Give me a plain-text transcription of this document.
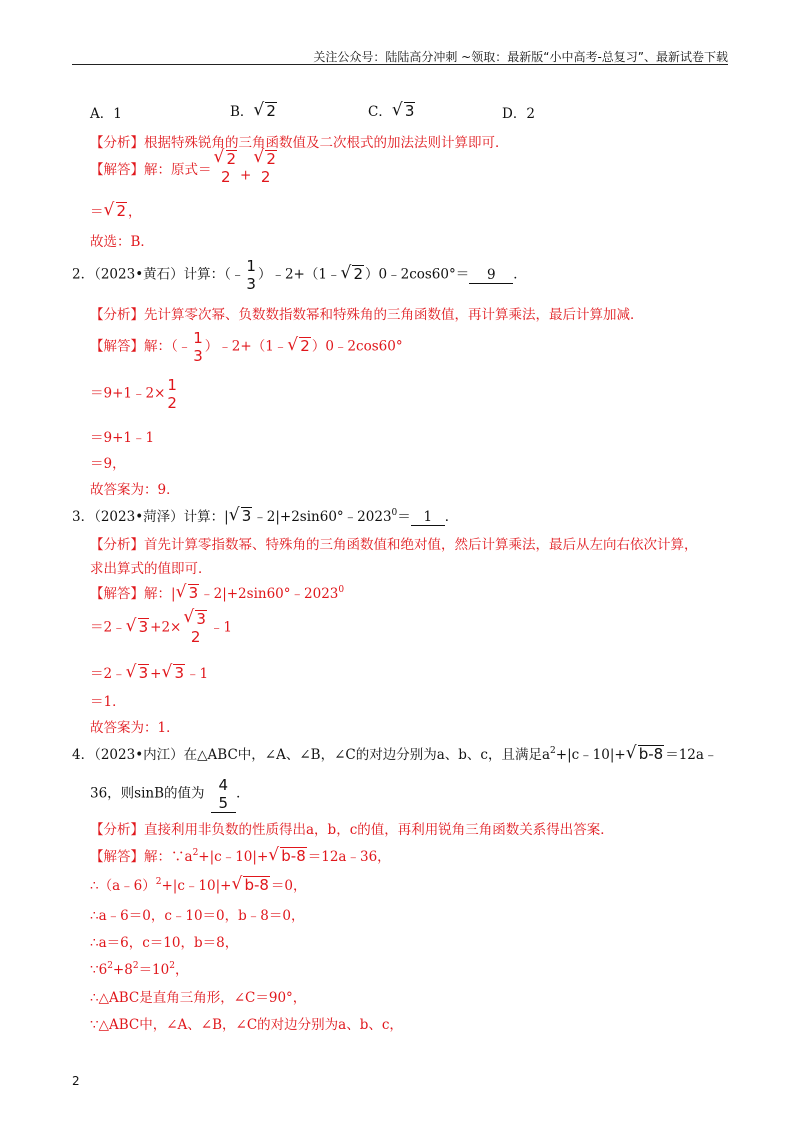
关注公众号：陆陆高分冲刺 ~领取：最新版“小中高考-总复习”、最新试卷下载
A．1	B．√ 2	C．√ 3	D．2
【分析】根据特殊锐角的三角函数值及二次根式的加法法则计算即可．
【解答】解：原式＝
√ 2
2 +
√ 2
2
＝√ 2 ，
故选：B．
2．（2023•黄石）计算：（﹣ 1
3
）﹣2+（1﹣√ 2 ）0﹣2cos60°＝ 9 ．
【分析】先计算零次幂、负数数指数幂和特殊角的三角函数值，再计算乘法，最后计算加减．
【解答】解：（﹣ 1
3
）﹣2+（1﹣√ 2 ）0﹣2cos60°
＝9+1﹣2× 1
2
＝9+1﹣1
＝9，
故答案为：9．
3．（2023•菏泽）计算：|√ 3 $﹣2|+2\sin 60^\circ﹣2023^0= 1$ ．
【分析】首先计算零指数幂、特殊角的三角函数值和绝对值，然后计算乘法，最后从左向右依次计算，
求出算式的值即可．
【解答】解：|√ 3 $﹣2|+2\sin 60^\circ﹣2023^0$
＝2﹣√ 3 +2×
√	3
2
﹣1
＝2﹣√ 3 +√ 3 ﹣1
＝1．
故答案为：1．
4．（2023•内江）在△ABC中，∠A、∠B，∠C的对边分别为a、b、c，且满足$a^2+|c﹣10|+√$ b-8 ＝12a﹣
36，则sinB的值为 4
5
．
【分析】直接利用非负数的性质得出a，b，c的值，再利用锐角三角函数关系得出答案．
【解答】解：$\because a^2+|c﹣10|+√$ b-8 ＝12a﹣36，
∴（a﹣6）$^2$+|c﹣10|+√ b-8 ＝0，
∴a﹣6＝0，c﹣10＝0，b﹣8＝0，
∴a＝6，c＝10，b＝8，
$\because 6^2+8^2=10^2$，
∴△ABC是直角三角形，∠C＝90°，
∵△ABC中，∠A、∠B，∠C的对边分别为a、b、c，
2
